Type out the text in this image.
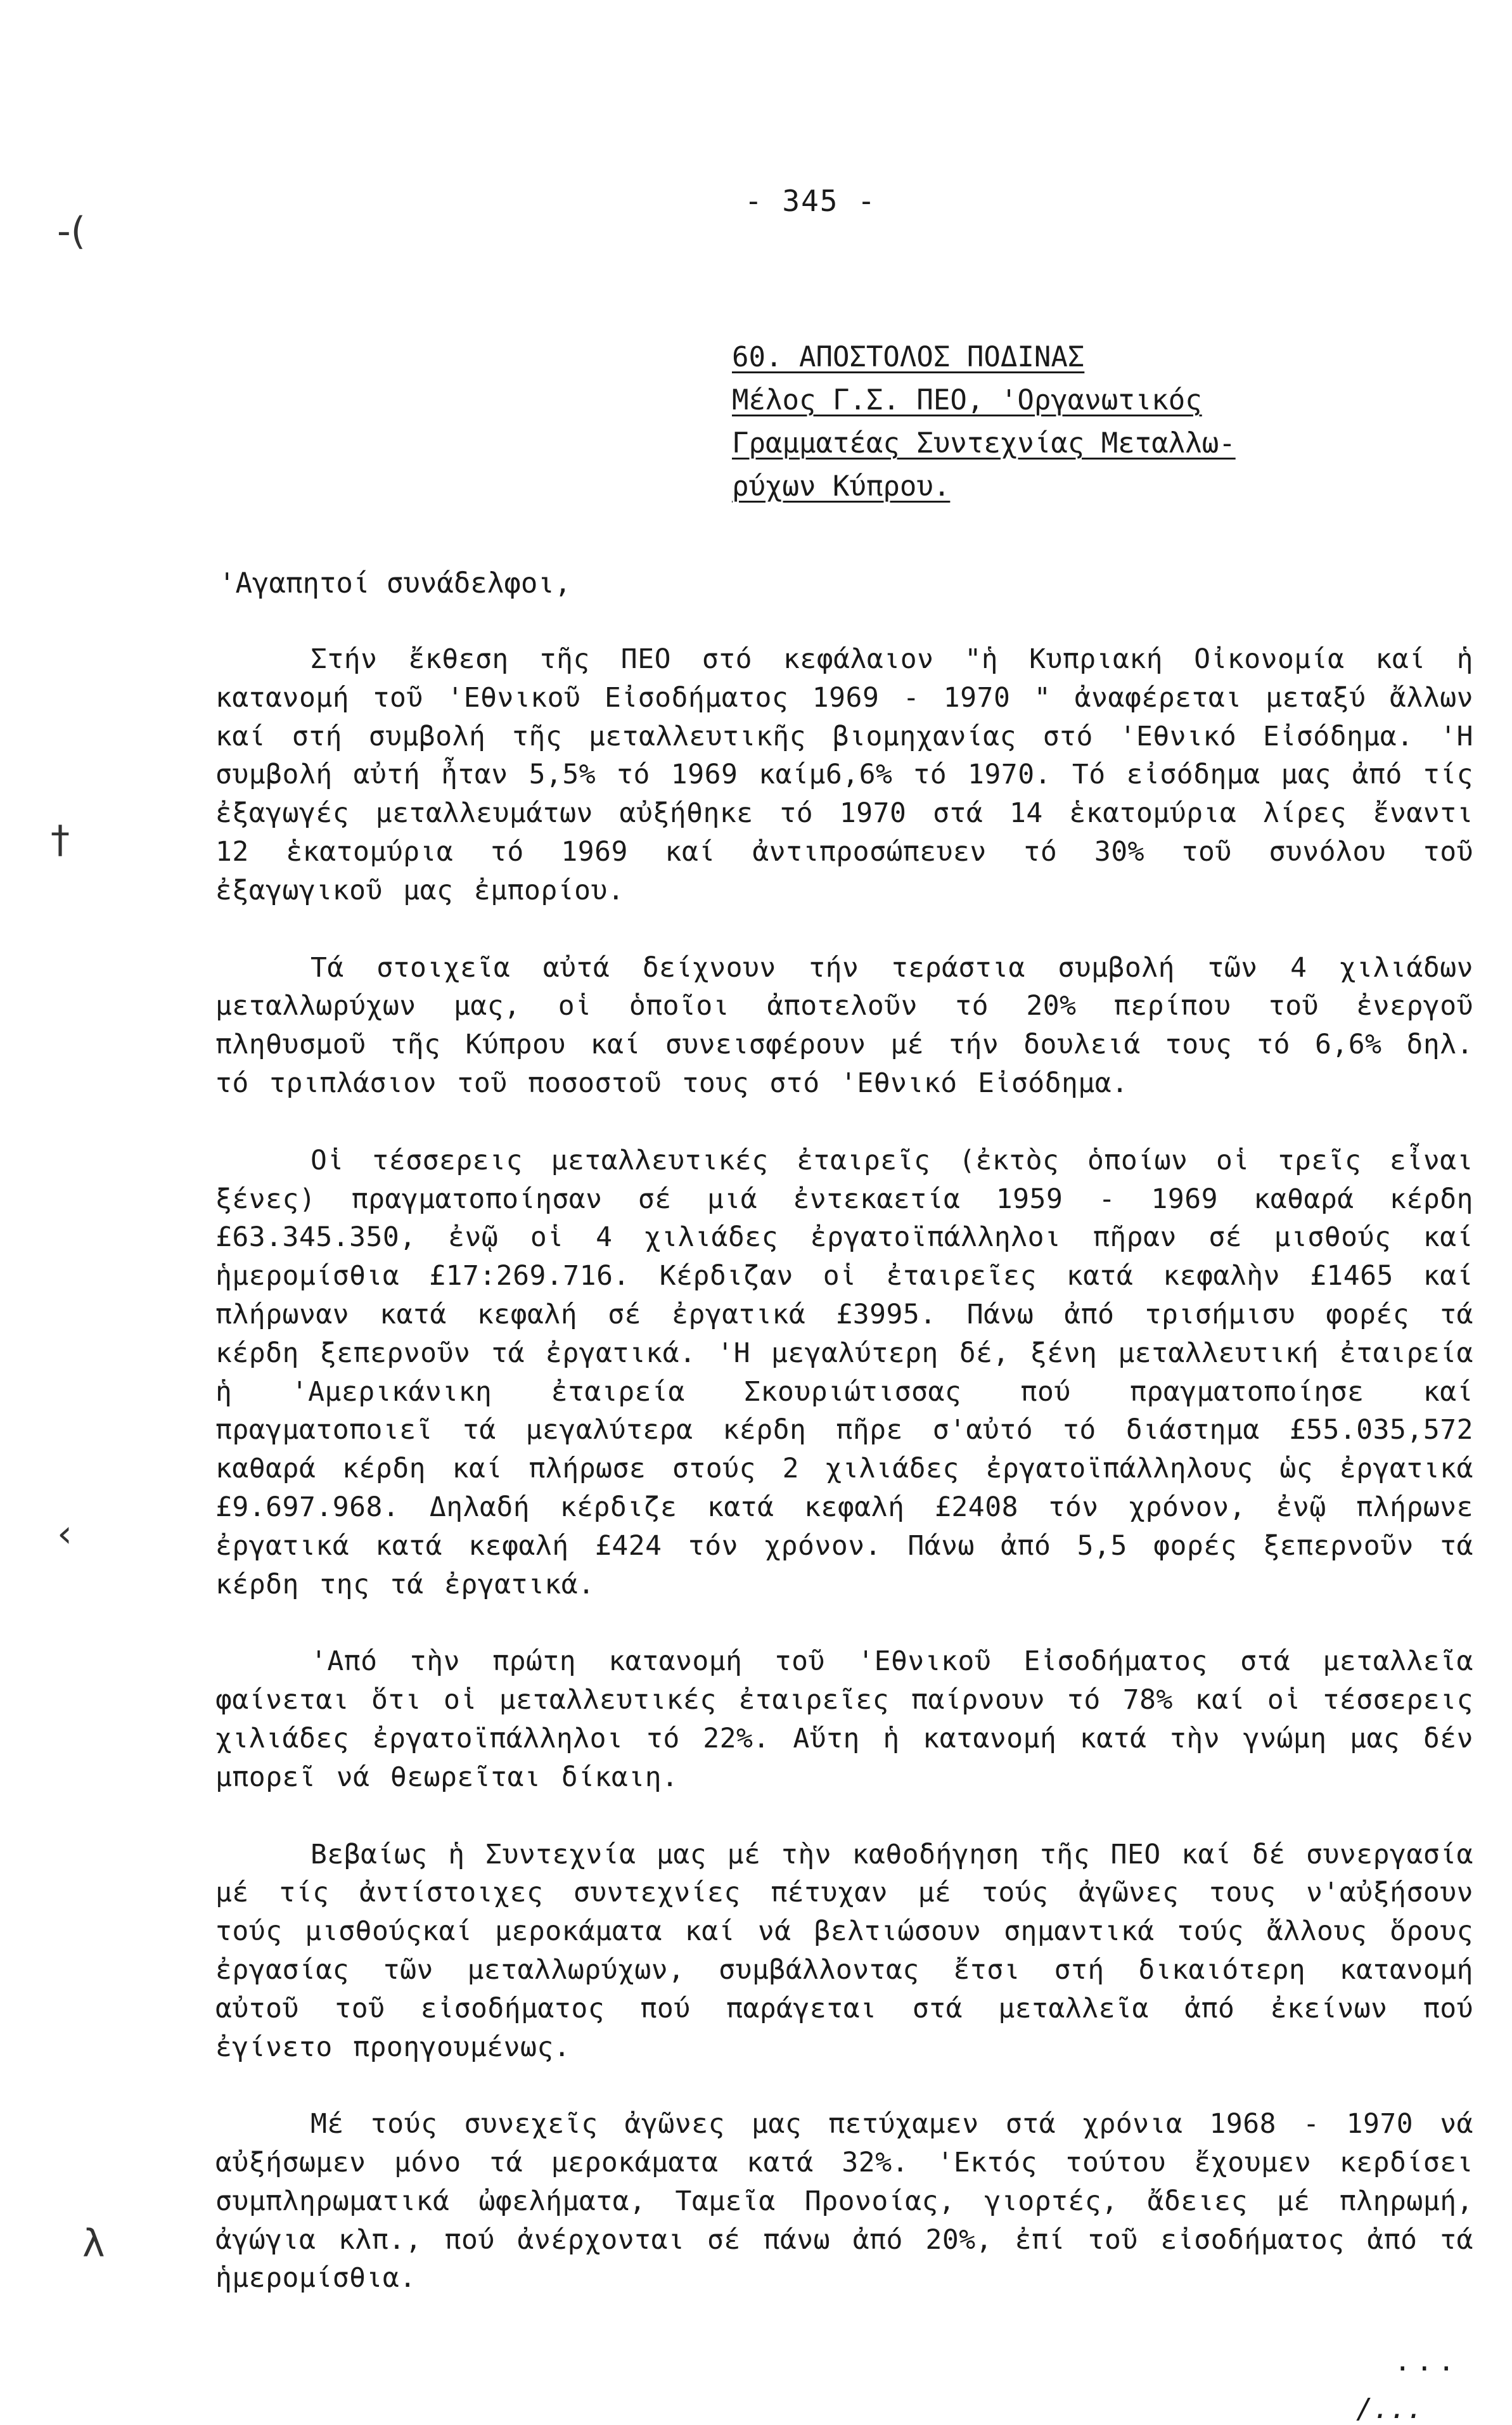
- 345 -
-(
†
‹
λ
60. ΑΠΟΣΤΟΛΟΣ ΠΟΔΙΝΑΣ
Μέλος Γ.Σ. ΠΕΟ, 'Οργανωτικός
Γραμματέας Συντεχνίας Μεταλλω-
ρύχων Κύπρου.
'Αγαπητοί συνάδελφοι,

Στήν ἔκθεση τῆς ΠΕΟ στό κεφάλαιον "ἡ Κυπριακή Οἰκονομία καί ἡ κατανομή τοῦ 'Εθνικοῦ Εἰσοδήματος 1969 - 1970 " ἀναφέρεται μεταξύ ἄλλων καί στή συμβολή τῆς μεταλλευτικῆς βιομηχανίας στό 'Εθνικό Εἰσόδημα. 'Η συμβολή αὐτή ἦταν 5,5% τό 1969 καίμ6,6% τό 1970. Τό εἰσόδημα μας ἀπό τίς ἐξαγωγές μεταλλευμάτων αὐξήθηκε τό 1970 στά 14 ἑκατομύρια λίρες ἔναντι 12 ἑκατομύρια τό 1969 καί ἀντιπροσώπευεν τό 30% τοῦ συνόλου τοῦ ἐξαγωγικοῦ μας ἐμπορίου.

Τά στοιχεῖα αὐτά δείχνουν τήν τεράστια συμβολή τῶν 4 χιλιάδων μεταλλωρύχων μας, οἱ ὁποῖοι ἀποτελοῦν τό 20% περίπου τοῦ ἐνεργοῦ πληθυσμοῦ τῆς Κύπρου καί συνεισφέρουν μέ τήν δουλειά τους τό 6,6% δηλ. τό τριπλάσιον τοῦ ποσοστοῦ τους στό 'Εθνικό Εἰσόδημα.

Οἱ τέσσερεις μεταλλευτικές ἐταιρεῖς (ἐκτὸς ὁποίων οἱ τρεῖς εἶναι ξένες) πραγματοποίησαν σέ μιά ἐντεκαετία 1959 - 1969 καθαρά κέρδη £63.345.350, ἐνῷ οἱ 4 χιλιάδες ἐργατοϊπάλληλοι πῆραν σέ μισθούς καί ἡμερομίσθια £17:269.716. Κέρδιζαν οἱ ἐταιρεῖες κατά κεφαλὴν £1465 καί πλήρωναν κατά κεφαλή σέ ἐργατικά £3995. Πάνω ἀπό τρισήμισυ φορές τά κέρδη ξεπερνοῦν τά ἐργατικά. 'Η μεγαλύτερη δέ, ξένη μεταλλευτική ἐταιρεία ἡ 'Αμερικάνικη ἐταιρεία Σκουριώτισσας πού πραγματοποίησε καί πραγματοποιεῖ τά μεγαλύτερα κέρδη πῆρε σ'αὐτό τό διάστημα £55.035,572 καθαρά κέρδη καί πλήρωσε στούς 2 χιλιάδες ἐργατοϊπάλληλους ὡς ἐργατικά £9.697.968. Δηλαδή κέρδιζε κατά κεφαλή £2408 τόν χρόνον, ἐνῷ πλήρωνε ἐργατικά κατά κεφαλή £424 τόν χρόνον. Πάνω ἀπό 5,5 φορές ξεπερνοῦν τά κέρδη της τά ἐργατικά.

'Από τὴν πρώτη κατανομή τοῦ 'Εθνικοῦ Εἰσοδήματος στά μεταλλεῖα φαίνεται ὅτι οἱ μεταλλευτικές ἐταιρεῖες παίρνουν τό 78% καί οἱ τέσσερεις χιλιάδες ἐργατοϊπάλληλοι τό 22%. Αὕτη ἡ κατανομή κατά τὴν γνώμη μας δέν μπορεῖ νά θεωρεῖται δίκαιη.

Βεβαίως ἡ Συντεχνία μας μέ τὴν καθοδήγηση τῆς ΠΕΟ καί δέ συνεργασία μέ τίς ἀντίστοιχες συντεχνίες πέτυχαν μέ τούς ἀγῶνες τους ν'αὐξήσουν τούς μισθούςκαί μεροκάματα καί νά βελτιώσουν σημαντικά τούς ἄλλους ὅρους ἐργασίας τῶν μεταλλωρύχων, συμβάλλοντας ἔτσι στή δικαιότερη κατανομή αὐτοῦ τοῦ εἰσοδήματος πού παράγεται στά μεταλλεῖα ἀπό ἐκείνων πού ἐγίνετο προηγουμένως.

Μέ τούς συνεχεῖς ἀγῶνες μας πετύχαμεν στά χρόνια 1968 - 1970 νά αὐξήσωμεν μόνο τά μεροκάματα κατά 32%. 'Εκτός τούτου ἔχουμεν κερδίσει συμπληρωματικά ὠφελήματα, Ταμεῖα Προνοίας, γιορτές, ἄδειες μέ πληρωμή, ἀγώγια κλπ., πού ἀνέρχονται σέ πάνω ἀπό 20%, ἐπί τοῦ εἰσοδήματος ἀπό τά ἡμερομίσθια.

...
/...
